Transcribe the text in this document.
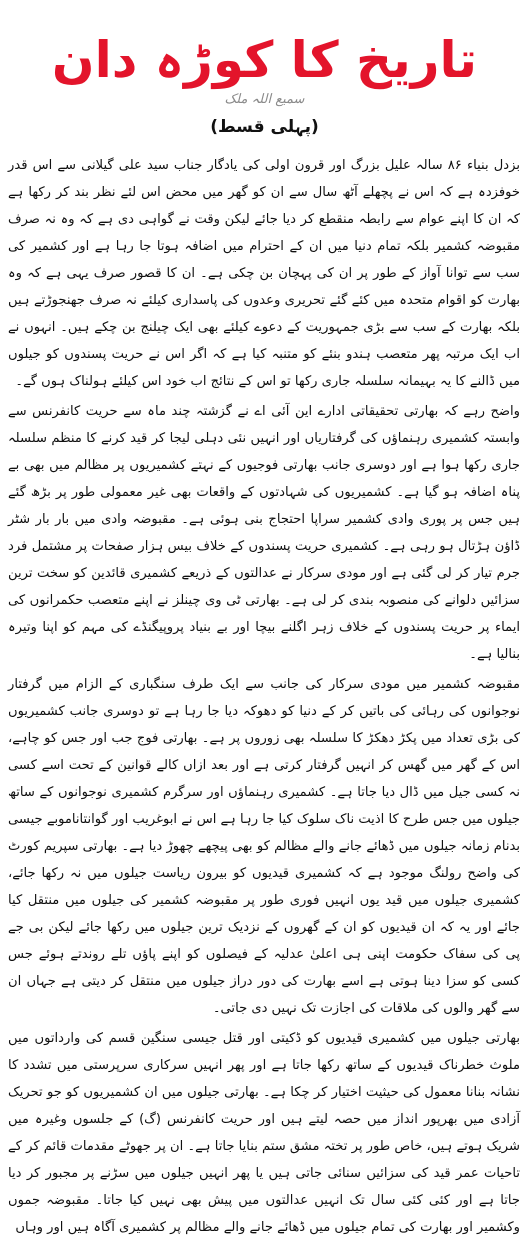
تاریخ کا کوڑہ دان
سمیع اللہ ملک
(پہلی قسط)

بزدل بنیاء ۸۶ سالہ علیل بزرگ اور قرون اولی کی یادگار جناب سید علی گیلانی سے اس قدر خوفزدہ ہے کہ اس نے پچھلے آٹھ سال سے ان کو گھر میں محض اس لئے نظر بند کر رکھا ہے کہ ان کا اپنے عوام سے رابطہ منقطع کر دیا جائے لیکن وقت نے گواہی دی ہے کہ وہ نہ صرف مقبوضہ کشمیر بلکہ تمام دنیا میں ان کے احترام میں اضافہ ہوتا جا رہا ہے اور کشمیر کی سب سے توانا آواز کے طور پر ان کی پہچان بن چکی ہے۔ ان کا قصور صرف یہی ہے کہ وہ بھارت کو اقوام متحدہ میں کئے گئے تحریری وعدوں کی پاسداری کیلئے نہ صرف جھنجوڑتے ہیں بلکہ بھارت کے سب سے بڑی جمہوریت کے دعوے کیلئے بھی ایک چیلنج بن چکے ہیں۔ انہوں نے اب ایک مرتبہ پھر متعصب ہندو بنئے کو متنبہ کیا ہے کہ اگر اس نے حریت پسندوں کو جیلوں میں ڈالنے کا یہ بہیمانہ سلسلہ جاری رکھا تو اس کے نتائج اب خود اس کیلئے ہولناک ہوں گے۔

واضح رہے کہ بھارتی تحقیقاتی ادارے این آئی اے نے گزشتہ چند ماہ سے حریت کانفرنس سے وابستہ کشمیری رہنماؤں کی گرفتاریاں اور انہیں نئی دہلی لیجا کر قید کرنے کا منظم سلسلہ جاری رکھا ہوا ہے اور دوسری جانب بھارتی فوجیوں کے نہتے کشمیریوں پر مظالم میں بھی بے پناہ اضافہ ہو گیا ہے۔ کشمیریوں کی شہادتوں کے واقعات بھی غیر معمولی طور پر بڑھ گئے ہیں جس پر پوری وادی کشمیر سراپا احتجاج بنی ہوئی ہے۔ مقبوضہ وادی میں بار بار شٹر ڈاؤن ہڑتال ہو رہی ہے۔ کشمیری حریت پسندوں کے خلاف بیس ہزار صفحات پر مشتمل فرد جرم تیار کر لی گئی ہے اور مودی سرکار نے عدالتوں کے ذریعے کشمیری قائدین کو سخت ترین سزائیں دلوانے کی منصوبہ بندی کر لی ہے۔ بھارتی ٹی وی چینلز نے اپنے متعصب حکمرانوں کی ایماء پر حریت پسندوں کے خلاف زہر اگلنے بیچا اور بے بنیاد پروپیگنڈے کی مہم کو اپنا وتیرہ بنالیا ہے۔

مقبوضہ کشمیر میں مودی سرکار کی جانب سے ایک طرف سنگباری کے الزام میں گرفتار نوجوانوں کی رہائی کی باتیں کر کے دنیا کو دھوکہ دیا جا رہا ہے تو دوسری جانب کشمیریوں کی بڑی تعداد میں پکڑ دھکڑ کا سلسلہ بھی زوروں پر ہے۔ بھارتی فوج جب اور جس کو چاہے، اس کے گھر میں گھس کر انہیں گرفتار کرتی ہے اور بعد ازاں کالے قوانین کے تحت اسے کسی نہ کسی جیل میں ڈال دیا جاتا ہے۔ کشمیری رہنماؤں اور سرگرم کشمیری نوجوانوں کے ساتھ جیلوں میں جس طرح کا اذیت ناک سلوک کیا جا رہا ہے اس نے ابوغریب اور گوانتاناموبے جیسی بدنام زمانہ جیلوں میں ڈھائے جانے والے مظالم کو بھی پیچھے چھوڑ دیا ہے۔ بھارتی سپریم کورٹ کی واضح رولنگ موجود ہے کہ کشمیری قیدیوں کو بیرون ریاست جیلوں میں نہ رکھا جائے، کشمیری جیلوں میں قید یوں انہیں فوری طور پر مقبوضہ کشمیر کی جیلوں میں منتقل کیا جائے اور یہ کہ ان قیدیوں کو ان کے گھروں کے نزدیک ترین جیلوں میں رکھا جائے لیکن بی جے پی کی سفاک حکومت اپنی ہی اعلیٰ عدلیہ کے فیصلوں کو اپنے پاؤں تلے روندتے ہوئے جس کسی کو سزا دینا ہوتی ہے اسے بھارت کی دور دراز جیلوں میں منتقل کر دیتی ہے جہاں ان سے گھر والوں کی ملاقات کی اجازت تک نہیں دی جاتی۔

بھارتی جیلوں میں کشمیری قیدیوں کو ڈکیتی اور قتل جیسی سنگین قسم کی وارداتوں میں ملوث خطرناک قیدیوں کے ساتھ رکھا جاتا ہے اور پھر انہیں سرکاری سرپرستی میں تشدد کا نشانہ بنانا معمول کی حیثیت اختیار کر چکا ہے۔ بھارتی جیلوں میں ان کشمیریوں کو جو تحریک آزادی میں بھرپور انداز میں حصہ لیتے ہیں اور حریت کانفرنس (گ) کے جلسوں وغیرہ میں شریک ہوتے ہیں، خاص طور پر تختہ مشق ستم بنایا جاتا ہے۔ ان پر جھوٹے مقدمات قائم کر کے تاحیات عمر قید کی سزائیں سنائی جاتی ہیں یا پھر انہیں جیلوں میں سڑنے پر مجبور کر دیا جاتا ہے اور کئی کئی سال تک انہیں عدالتوں میں پیش بھی نہیں کیا جاتا۔ مقبوضہ جموں وکشمیر اور بھارت کی تمام جیلوں میں ڈھائے جانے والے مظالم پر کشمیری آگاہ ہیں اور وہاں
